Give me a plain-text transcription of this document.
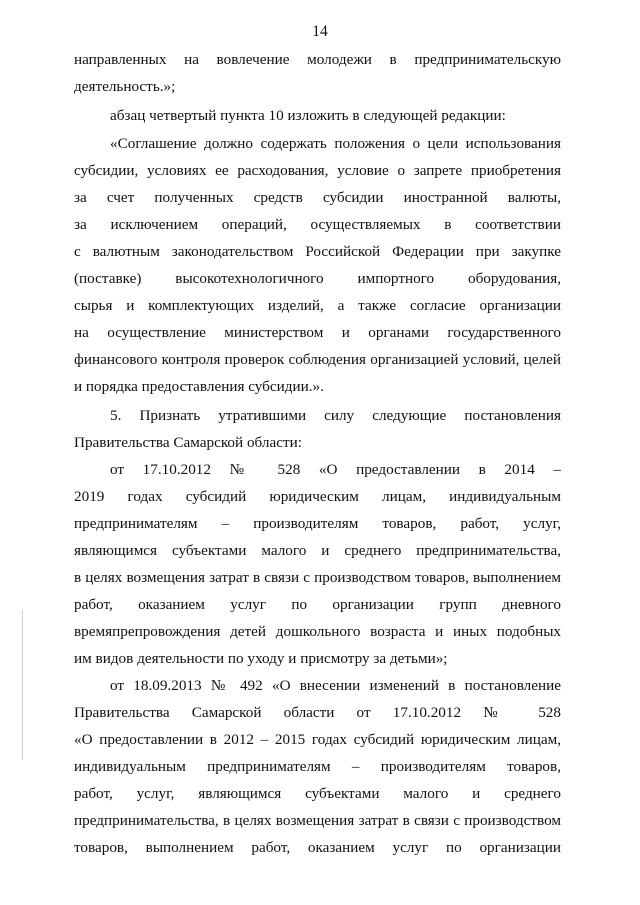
14
направленных на вовлечение молодежи в предпринимательскую
деятельность.»;
абзац четвертый пункта 10 изложить в следующей редакции:
«Соглашение должно содержать положения о цели использования
субсидии, условиях ее расходования, условие о запрете приобретения
за счет полученных средств субсидии иностранной валюты,
за исключением операций, осуществляемых в соответствии
с валютным законодательством Российской Федерации при закупке
(поставке) высокотехнологичного импортного оборудования,
сырья и комплектующих изделий, а также согласие организации
на осуществление министерством и органами государственного
финансового контроля проверок соблюдения организацией условий, целей
и порядка предоставления субсидии.».
5. Признать утратившими силу следующие постановления
Правительства Самарской области:
от 17.10.2012 № 528 «О предоставлении в 2014 –
2019 годах субсидий юридическим лицам, индивидуальным
предпринимателям – производителям товаров, работ, услуг,
являющимся субъектами малого и среднего предпринимательства,
в целях возмещения затрат в связи с производством товаров, выполнением
работ, оказанием услуг по организации групп дневного
времяпрепровождения детей дошкольного возраста и иных подобных
им видов деятельности по уходу и присмотру за детьми»;
от 18.09.2013 № 492 «О внесении изменений в постановление
Правительства Самарской области от 17.10.2012 № 528
«О предоставлении в 2012 – 2015 годах субсидий юридическим лицам,
индивидуальным предпринимателям – производителям товаров,
работ, услуг, являющимся субъектами малого и среднего
предпринимательства, в целях возмещения затрат в связи с производством
товаров, выполнением работ, оказанием услуг по организации
